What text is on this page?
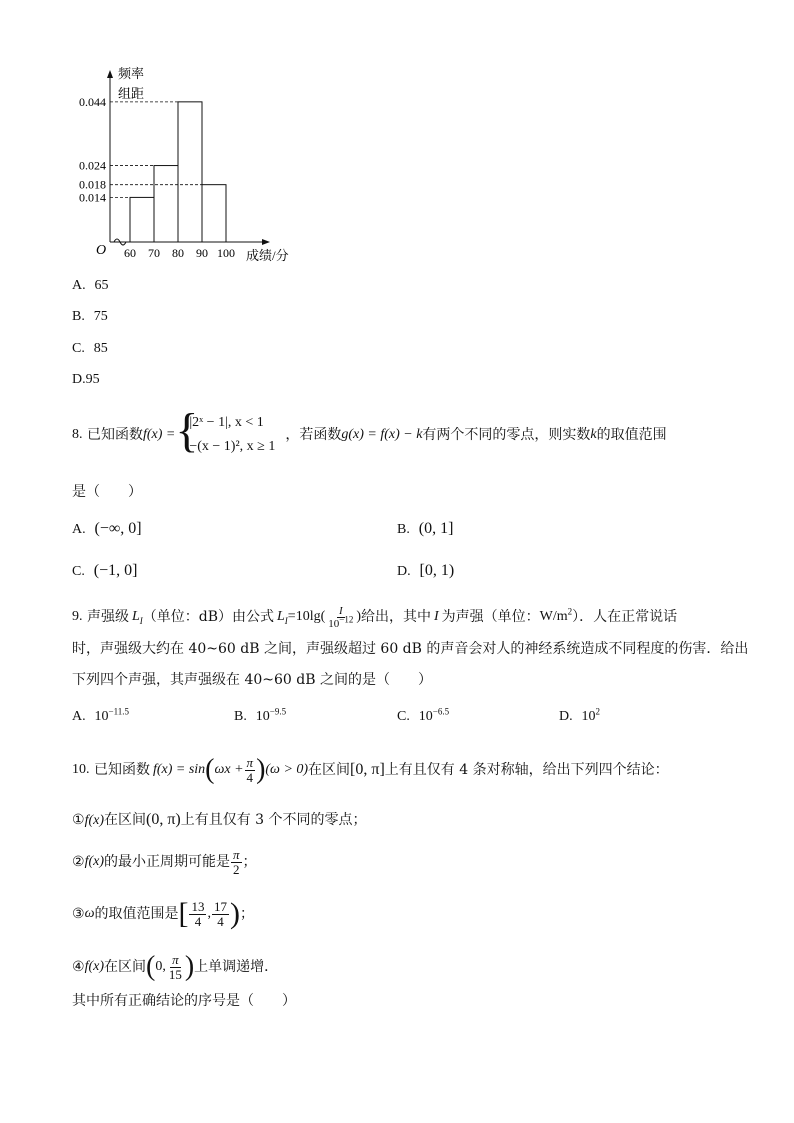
O
频率
组距
成绩/分
0.044
0.024
0.018
0.014
60 70 80 90 100
A. 65
B. 75
C. 85
D.95
8.
已知函数 f(x) = {
|2ˣ − 1|, x < 1
−(x − 1)², x ≥ 1
，若函数 g(x) = f(x) − k 有两个不同的零点，则实数 k 的取值范围
是（　　）
A. (−∞, 0]	B. (0, 1]
C. (−1, 0]	D. [0, 1)
9.
声强级 $L_I$ （单位：dB）由公式 $L_I =10\lg( \frac{I}{10^{-12}}$ ) 给出，其中 I 为声强（单位： $W/m^2$ ）．人在正常说话
时，声强级大约在 40~60 dB 之间，声强级超过 60 dB 的声音会对人的神经系统造成不同程度的伤害．给出
下列四个声强，其声强级在 40~60 dB 之间的是（　　）
A. $10^{-11.5}$	B. $10^{-9.5}$	C. $10^{-6.5}$	D. $10^2$
10.
已知函数 f(x) = sin ( $\omega x + \frac{\pi}{4}$ ) (ω > 0) 在区间 [0, π] 上有且仅有 4 条对称轴，给出下列四个结论：
①f(x)在区间(0, π)上有且仅有 3 个不同的零点；
② f(x) 的最小正周期可能是 $\frac{\pi}{2}$ ；
③ ω 的取值范围是 [ $\frac{13}{4}$ , $\frac{17}{4}$ ) ；
④ f(x) 在区间 ( 0, $\frac{\pi}{15}$ ) 上单调递增．
其中所有正确结论的序号是（　　）
